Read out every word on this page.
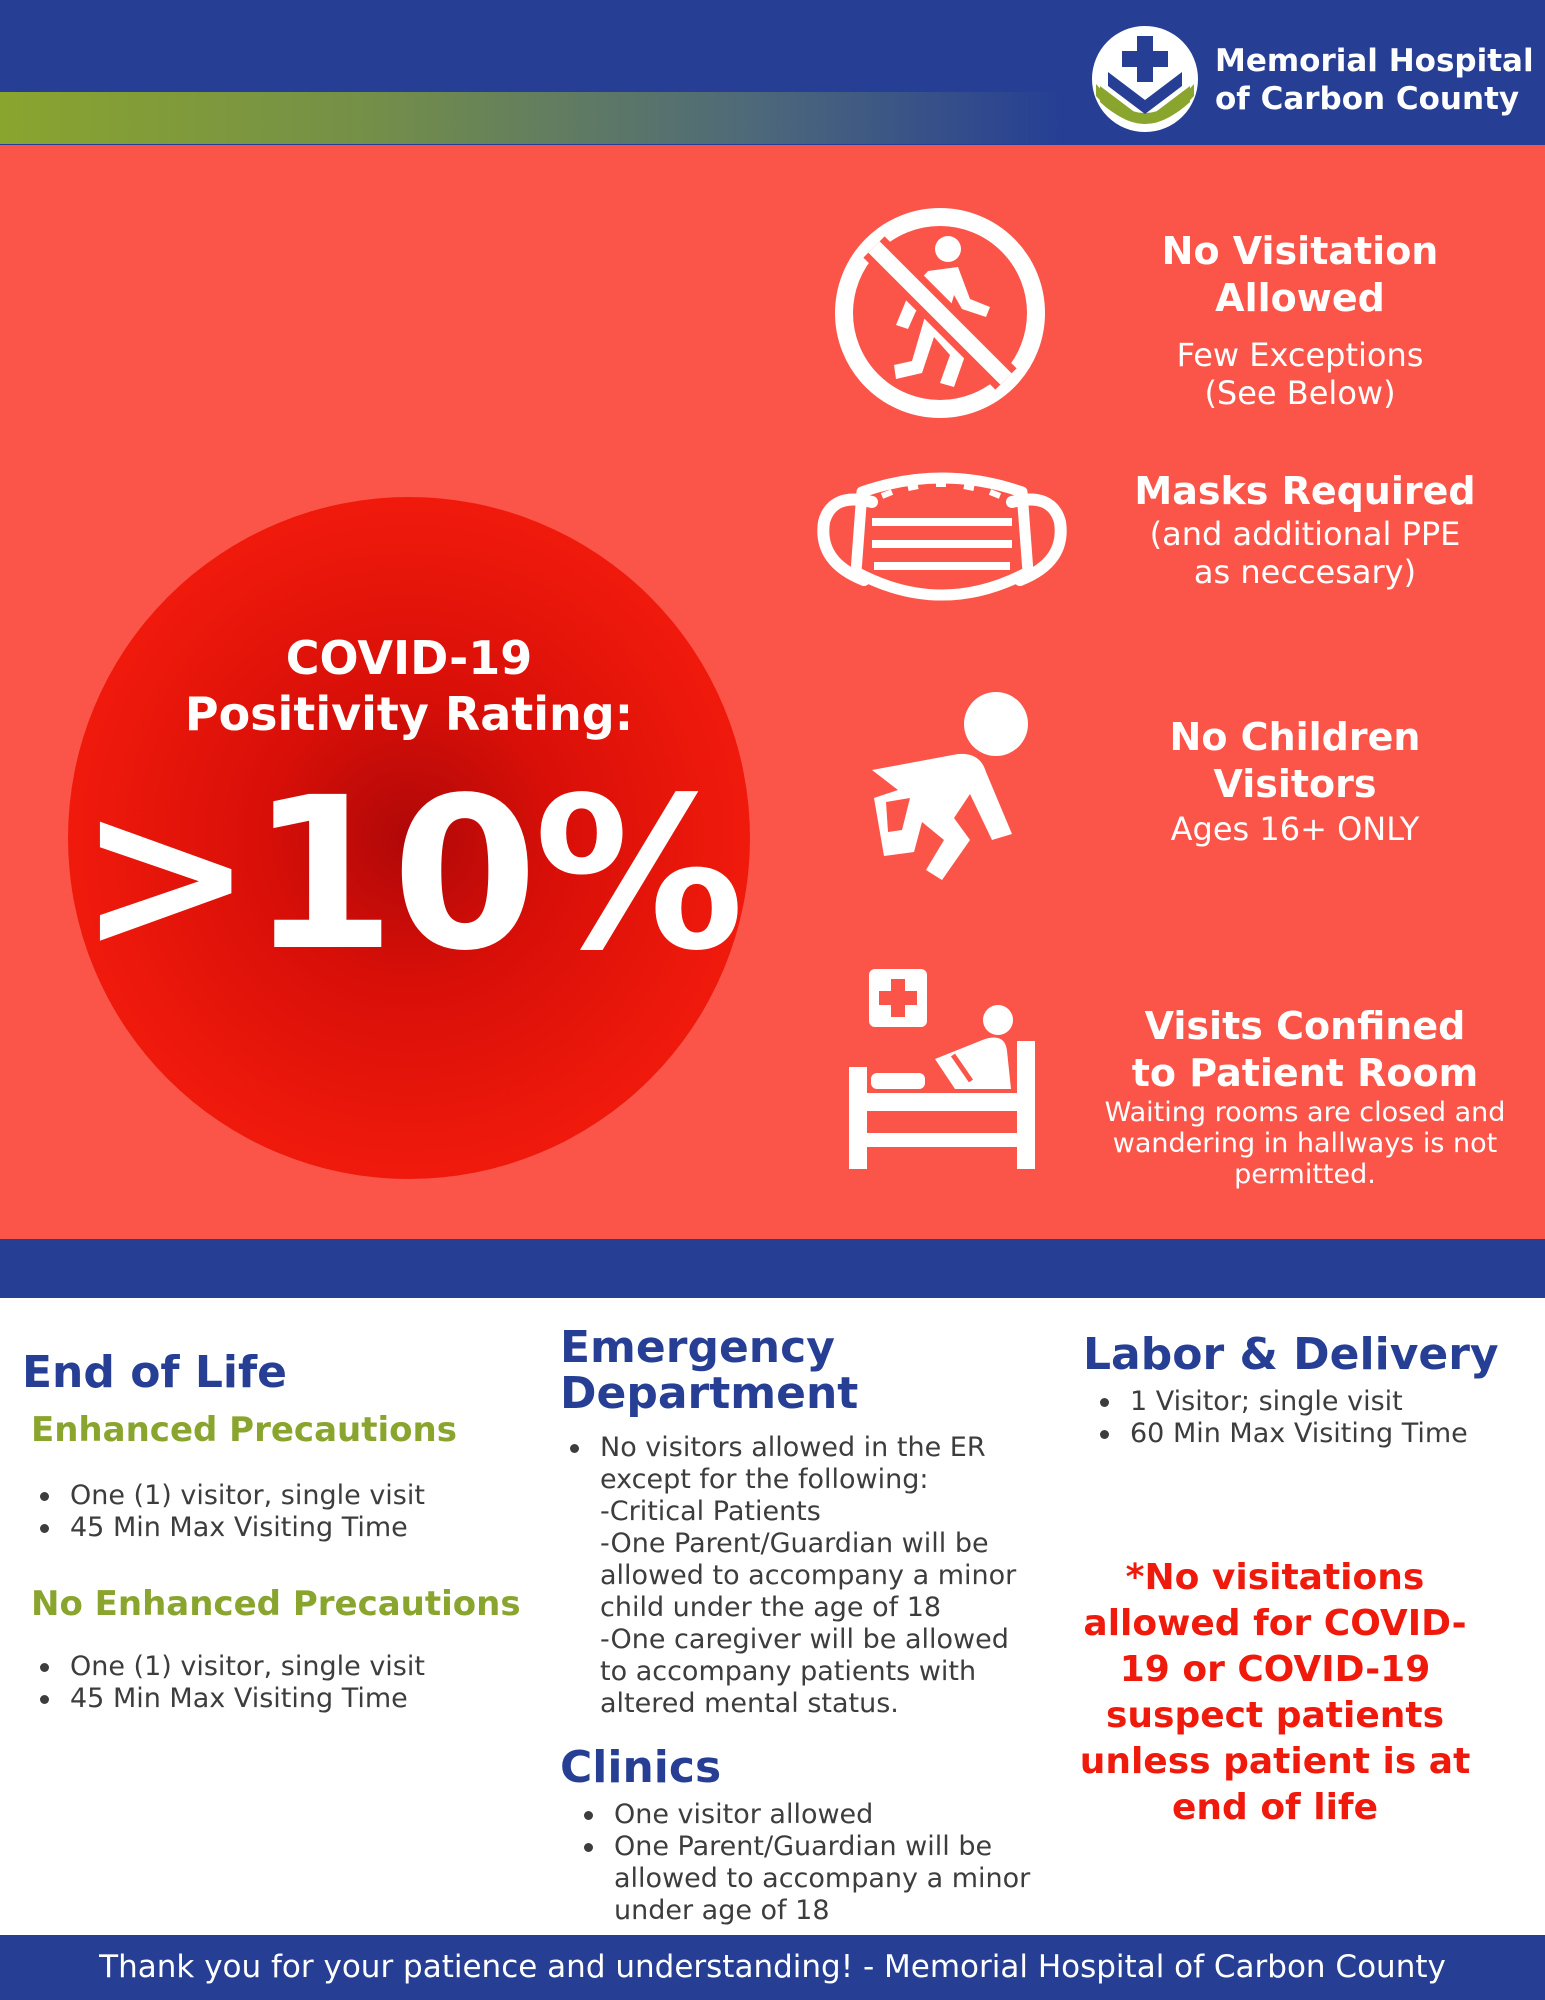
Memorial Hospital
of Carbon County
COVID-19
Positivity Rating:
>10%
No Visitation Allowed
Few Exceptions
(See Below)
Masks Required
(and additional PPE
as neccesary)
No Children
Visitors
Ages 16+ ONLY
Visits Confined
to Patient Room
Waiting rooms are closed and
wandering in hallways is not
permitted.
End of Life
Enhanced Precautions
One (1) visitor, single visit
45 Min Max Visiting Time
No Enhanced Precautions
One (1) visitor, single visit
45 Min Max Visiting Time
Emergency
Department
No visitors allowed in the ER
except for the following:
-Critical Patients
-One Parent/Guardian will be
allowed to accompany a minor
child under the age of 18
-One caregiver will be allowed
to accompany patients with
altered mental status.
Clinics
One visitor allowed
One Parent/Guardian will be
allowed to accompany a minor
under age of 18
Labor & Delivery
1 Visitor; single visit
60 Min Max Visiting Time
*No visitations
allowed for COVID-
19 or COVID-19
suspect patients
unless patient is at
end of life
Thank you for your patience and understanding! - Memorial Hospital of Carbon County
